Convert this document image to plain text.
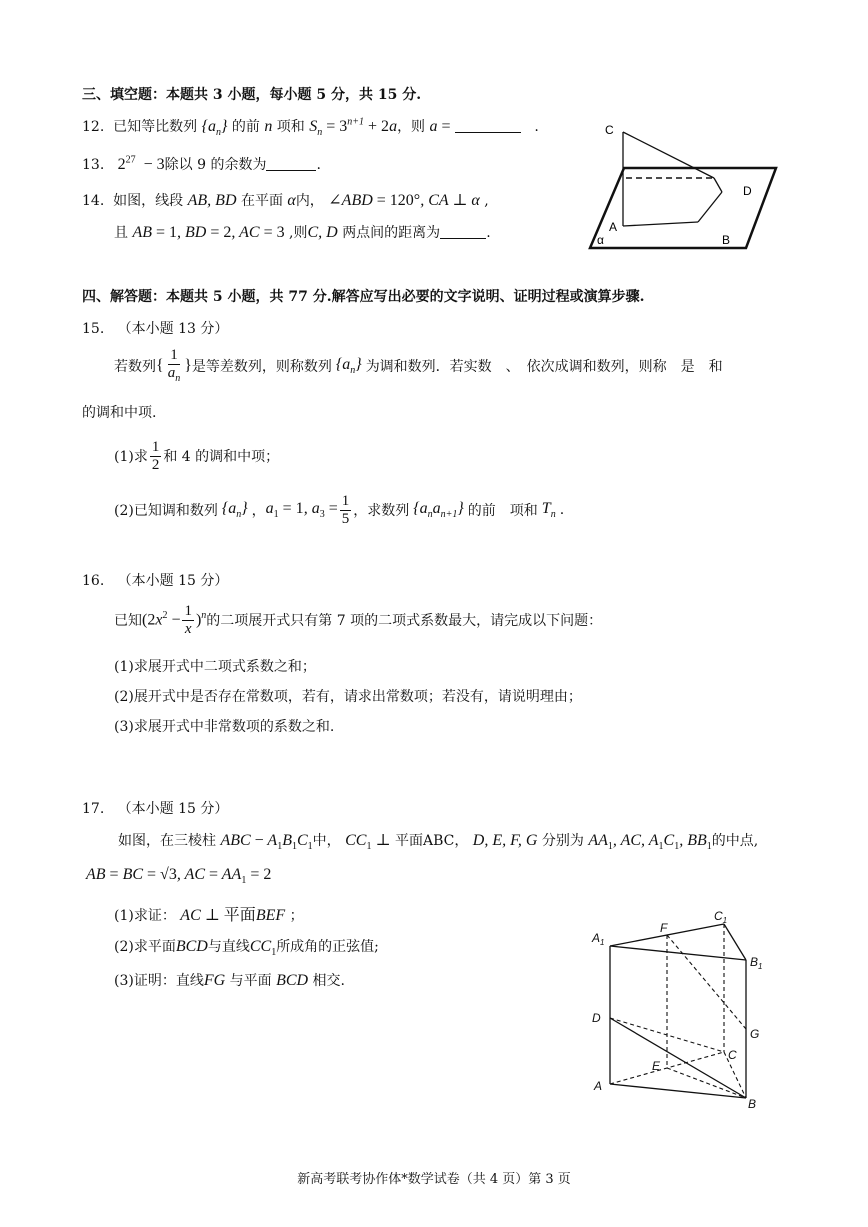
三、填空题：本题共 3 小题，每小题 5 分，共 15 分.
12. 已知等比数列 $\{a_n\}$ 的前 n 项和 $S_n = 3^{n+1} + 2a$，则 a =	.
13. $2^{27} - 3$除以 9 的余数为	.
14. 如图，线段 AB, BD 在平面 α内， ∠ABD = 120°, CA ⊥ α ,
且 AB = 1, BD = 2, AC = 3 ,则C, D 两点间的距离为	.
C
D
A
B
α
四、解答题：本题共 5 小题，共 77 分.解答应写出必要的文字说明、证明过程或演算步骤.
15. （本小题 13 分）
若数列 { $\frac{1}{a_n}$ } 是等差数列，则称数列 $\{a_n\}$ 为调和数列．若实数　、　依次成调和数列，则称　是　和
的调和中项.
(1)求 $\frac{1}{2}$ 和 4 的调和中项；
(2)已知调和数列 $\{a_n\}$ ， $a_1 = 1$, $a_3 = \frac{1}{5}$ ，求数列 $\{a_na_{n+1}\}$ 的前　项和 $T_n$ .
16. （本小题 15 分）
已知 $(2x^2 - \frac{1}{x} )^n$ 的二项展开式只有第 7 项的二项式系数最大，请完成以下问题：
(1)求展开式中二项式系数之和；
(2)展开式中是否存在常数项，若有，请求出常数项；若没有，请说明理由；
(3)求展开式中非常数项的系数之和.
17. （本小题 15 分）
如图，在三棱柱 ABC − $A_1B_1C_1$中， $CC_1$ ⊥ 平面ABC， D, E, F, G 分别为 $AA_1$, AC, $A_1C_1$, $BB_1$的中点,
AB = BC = √3, AC = $AA_1 = 2$
(1)求证： AC ⊥ 平面BEF ；
(2)求平面BCD与直线$CC_1$所成角的正弦值;
(3)证明：直线FG 与平面 BCD 相交.
$A_1$
F
$C_1$
$B_1$
D
G
E
C
A
B
新高考联考协作体*数学试卷（共 4 页）第 3 页
